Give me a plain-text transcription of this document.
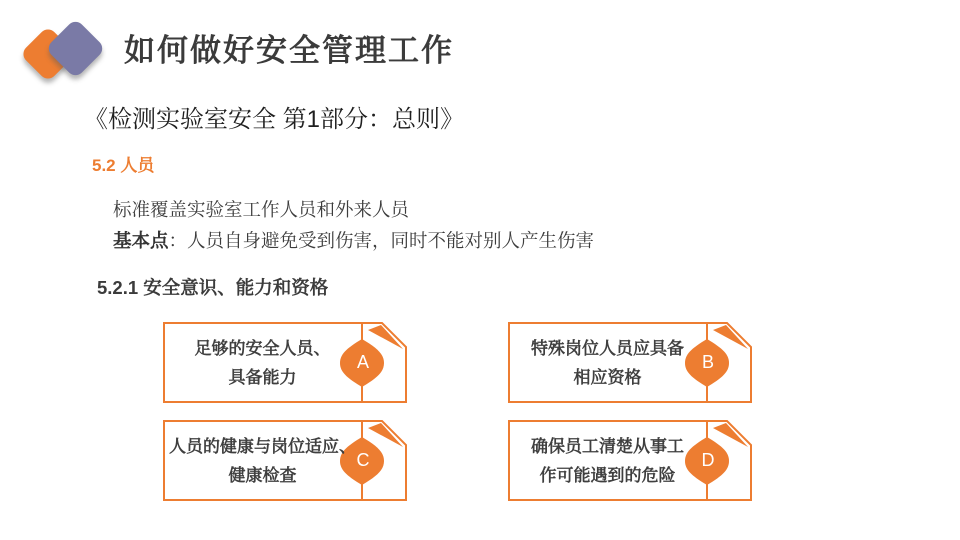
如何做好安全管理工作
《检测实验室安全 第1部分：总则》
5.2 人员
标准覆盖实验室工作人员和外来人员
基本点：人员自身避免受到伤害，同时不能对别人产生伤害
5.2.1 安全意识、能力和资格
足够的安全人员、
具备能力
A
特殊岗位人员应具备
相应资格
B
人员的健康与岗位适应、
健康检查
C
确保员工清楚从事工
作可能遇到的危险
D
